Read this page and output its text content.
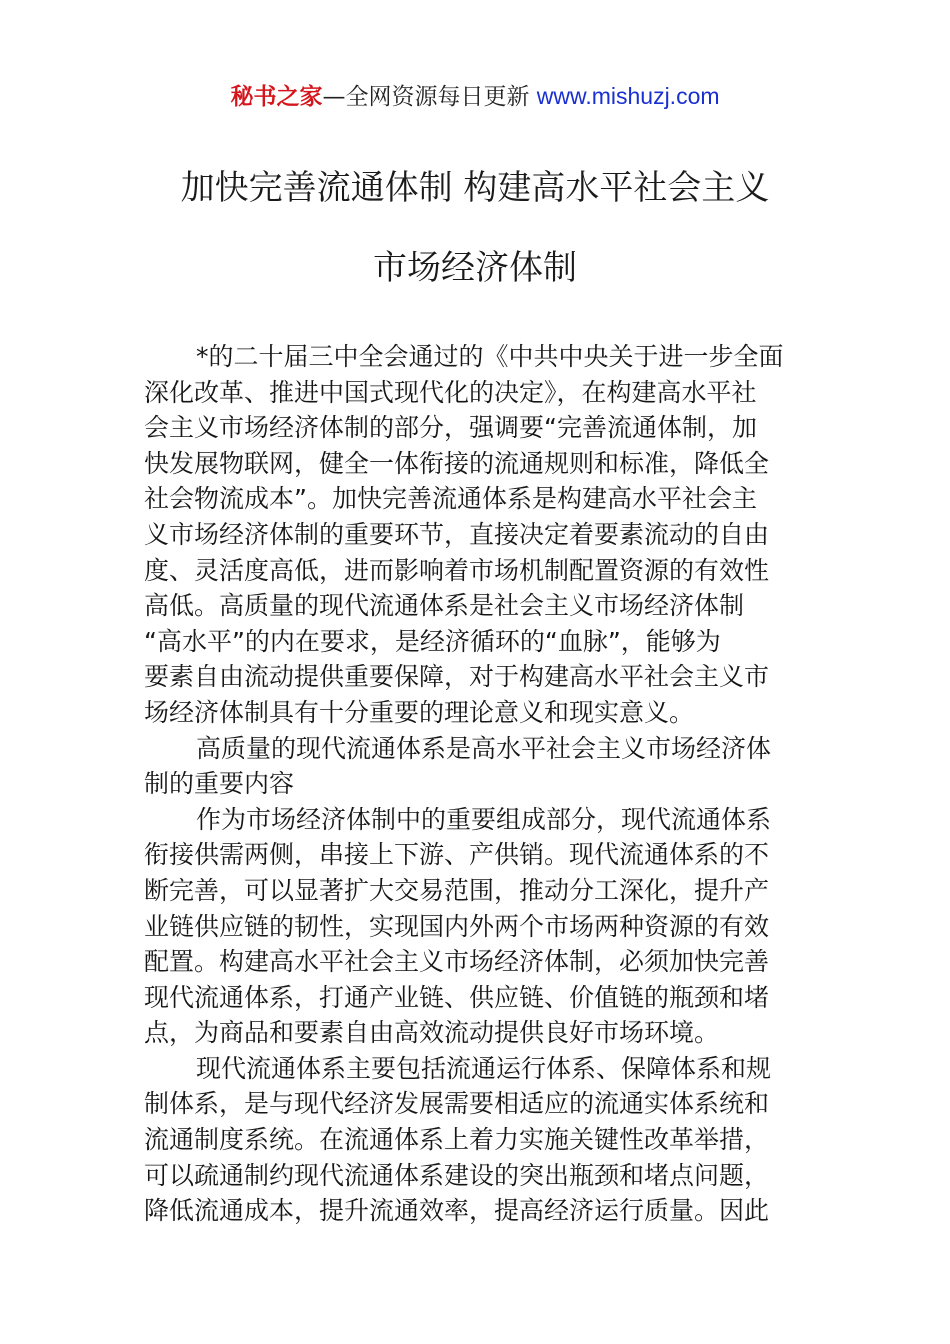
秘书之家—全网资源每日更新 www.mishuzj.com
加快完善流通体制 构建高水平社会主义
市场经济体制

*的二十届三中全会通过的《中共中央关于进一步全面
深化改革、推进中国式现代化的决定》，在构建高水平社
会主义市场经济体制的部分，强调要“完善流通体制，加
快发展物联网，健全一体衔接的流通规则和标准，降低全
社会物流成本”。加快完善流通体系是构建高水平社会主
义市场经济体制的重要环节，直接决定着要素流动的自由
度、灵活度高低，进而影响着市场机制配置资源的有效性
高低。高质量的现代流通体系是社会主义市场经济体制
“高水平”的内在要求，是经济循环的“血脉”，能够为
要素自由流动提供重要保障，对于构建高水平社会主义市
场经济体制具有十分重要的理论意义和现实意义。

高质量的现代流通体系是高水平社会主义市场经济体
制的重要内容

作为市场经济体制中的重要组成部分，现代流通体系
衔接供需两侧，串接上下游、产供销。现代流通体系的不
断完善，可以显著扩大交易范围，推动分工深化，提升产
业链供应链的韧性，实现国内外两个市场两种资源的有效
配置。构建高水平社会主义市场经济体制，必须加快完善
现代流通体系，打通产业链、供应链、价值链的瓶颈和堵
点，为商品和要素自由高效流动提供良好市场环境。

现代流通体系主要包括流通运行体系、保障体系和规
制体系，是与现代经济发展需要相适应的流通实体系统和
流通制度系统。在流通体系上着力实施关键性改革举措，
可以疏通制约现代流通体系建设的突出瓶颈和堵点问题，
降低流通成本，提升流通效率，提高经济运行质量。因此
